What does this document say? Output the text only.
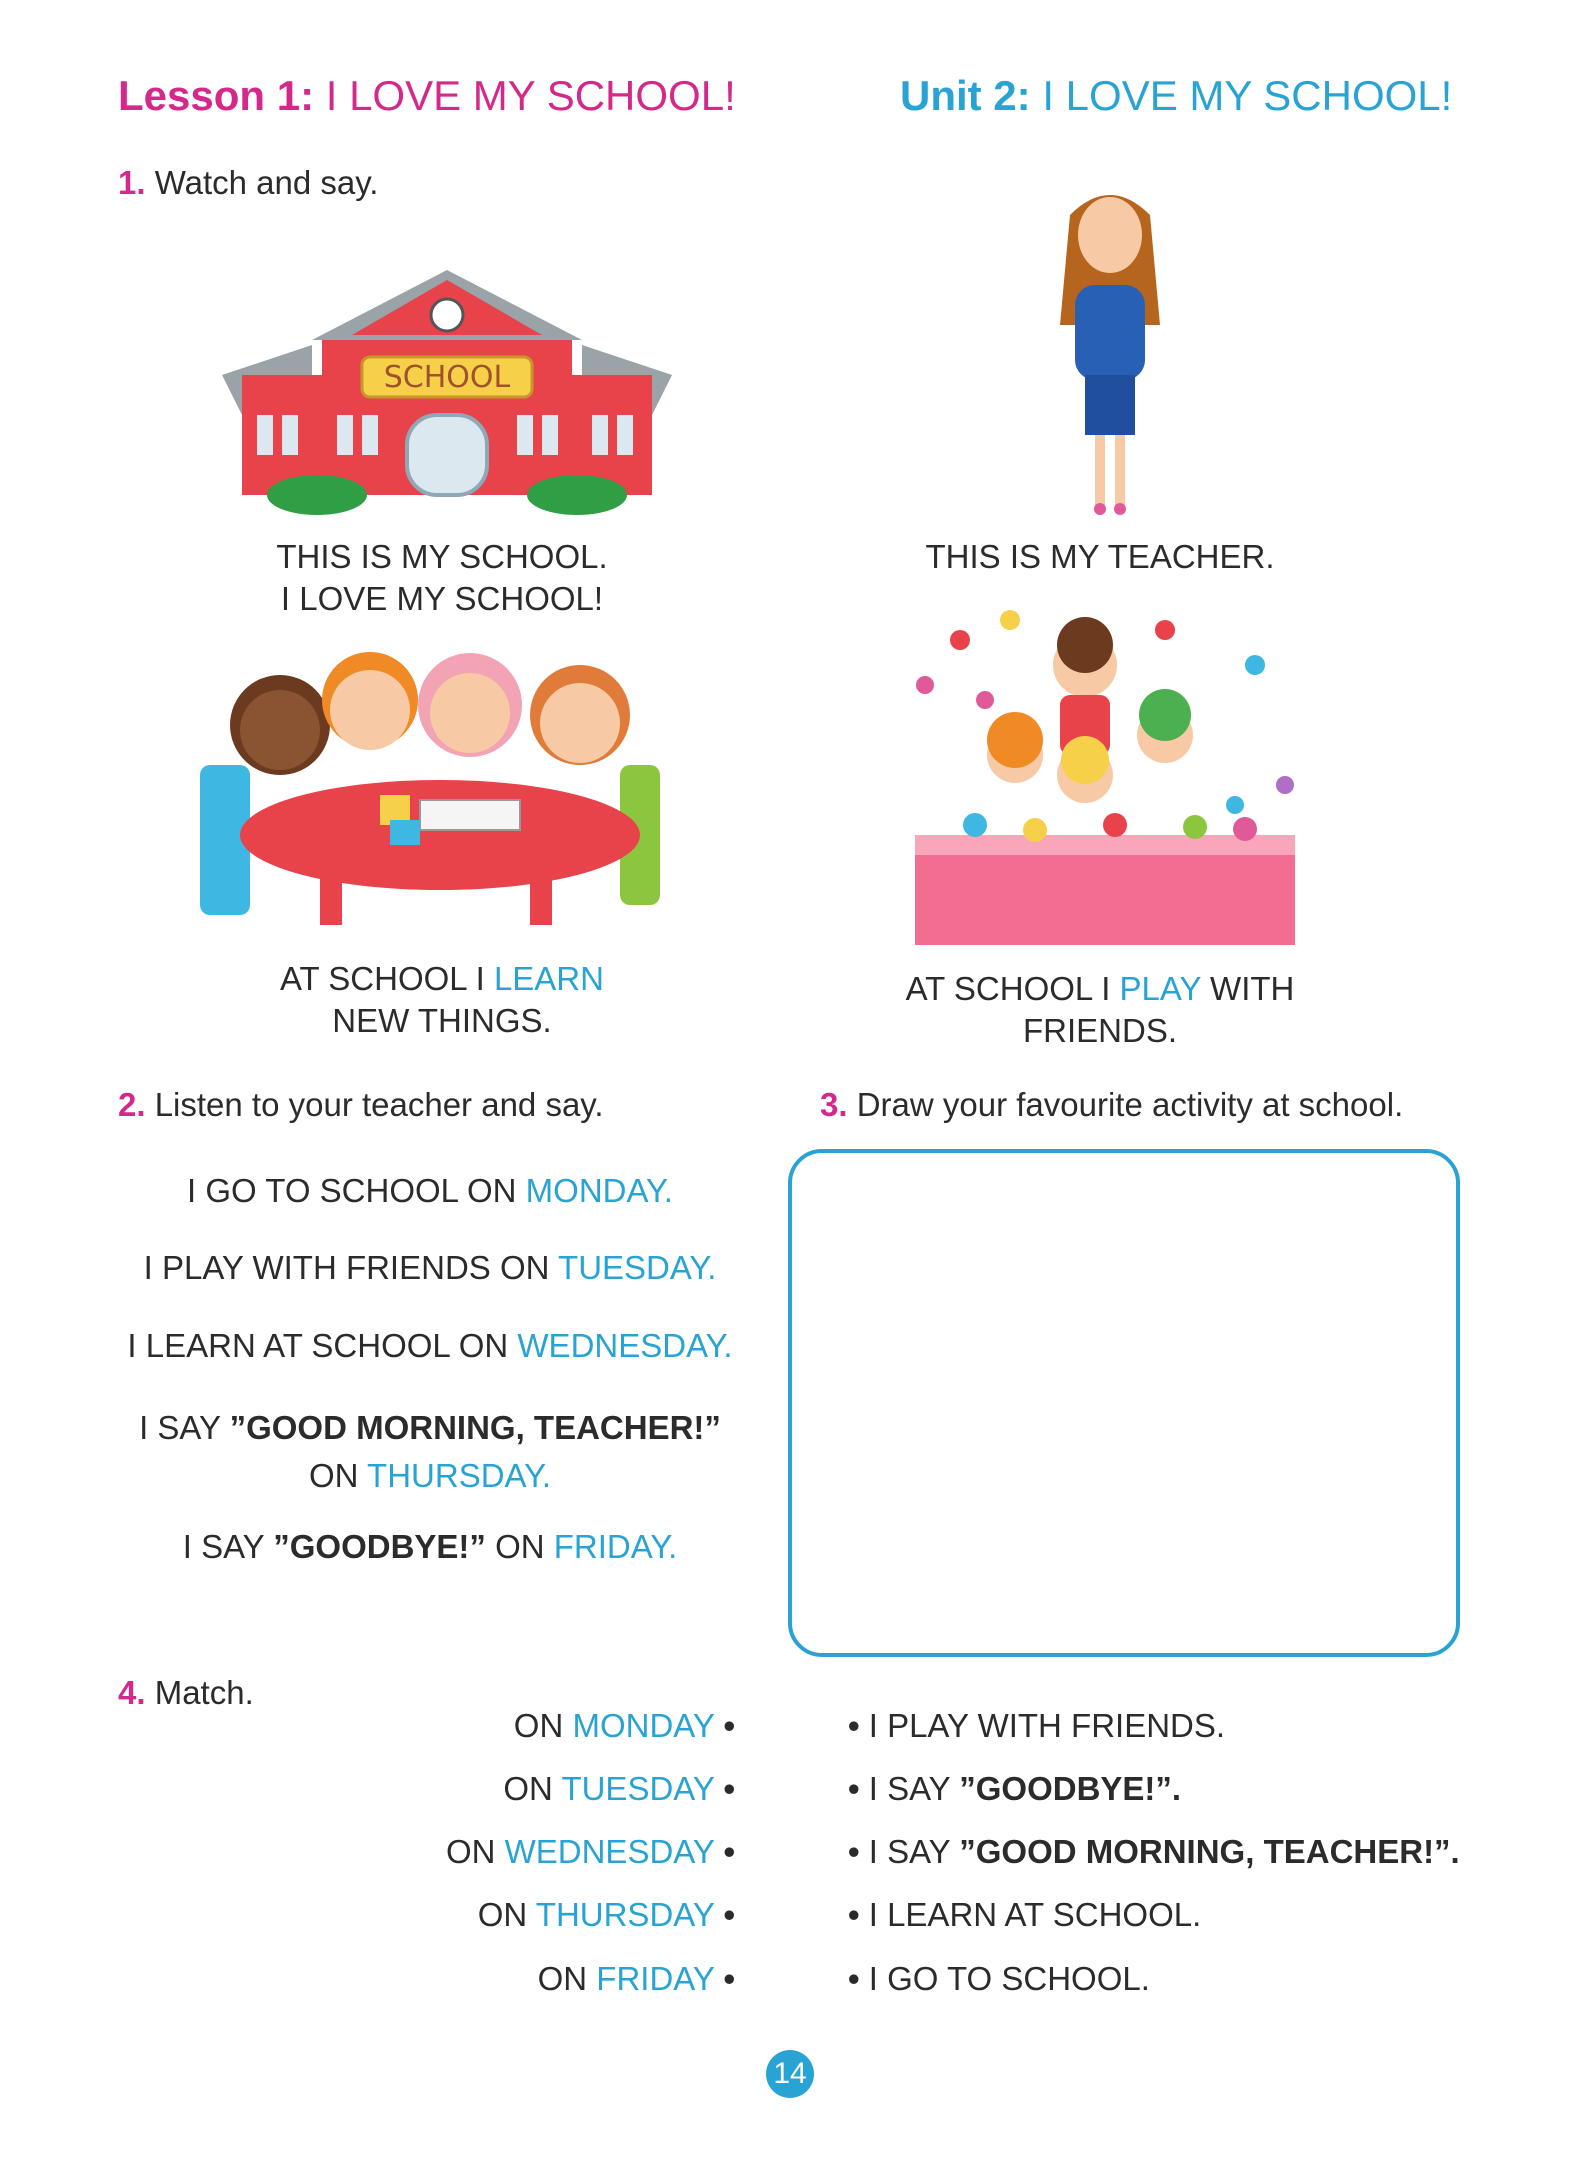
Lesson 1: I LOVE MY SCHOOL!	Unit 2: I LOVE MY SCHOOL!
1. Watch and say.
SCHOOL
THIS IS MY SCHOOL.
I LOVE MY SCHOOL!
THIS IS MY TEACHER.
AT SCHOOL I LEARN
NEW THINGS.
AT SCHOOL I PLAY WITH
FRIENDS.
2. Listen to your teacher and say.
I GO TO SCHOOL ON MONDAY.
I PLAY WITH FRIENDS ON TUESDAY.
I LEARN AT SCHOOL ON WEDNESDAY.
I SAY ”GOOD MORNING, TEACHER!”
ON THURSDAY.
I SAY ”GOODBYE!” ON FRIDAY.
3. Draw your favourite activity at school.
4. Match.
ON MONDAY •
ON TUESDAY •
ON WEDNESDAY •
ON THURSDAY •
ON FRIDAY •
• I PLAY WITH FRIENDS.
• I SAY ”GOODBYE!”.
• I SAY ”GOOD MORNING, TEACHER!”.
• I LEARN AT SCHOOL.
• I GO TO SCHOOL.
14
